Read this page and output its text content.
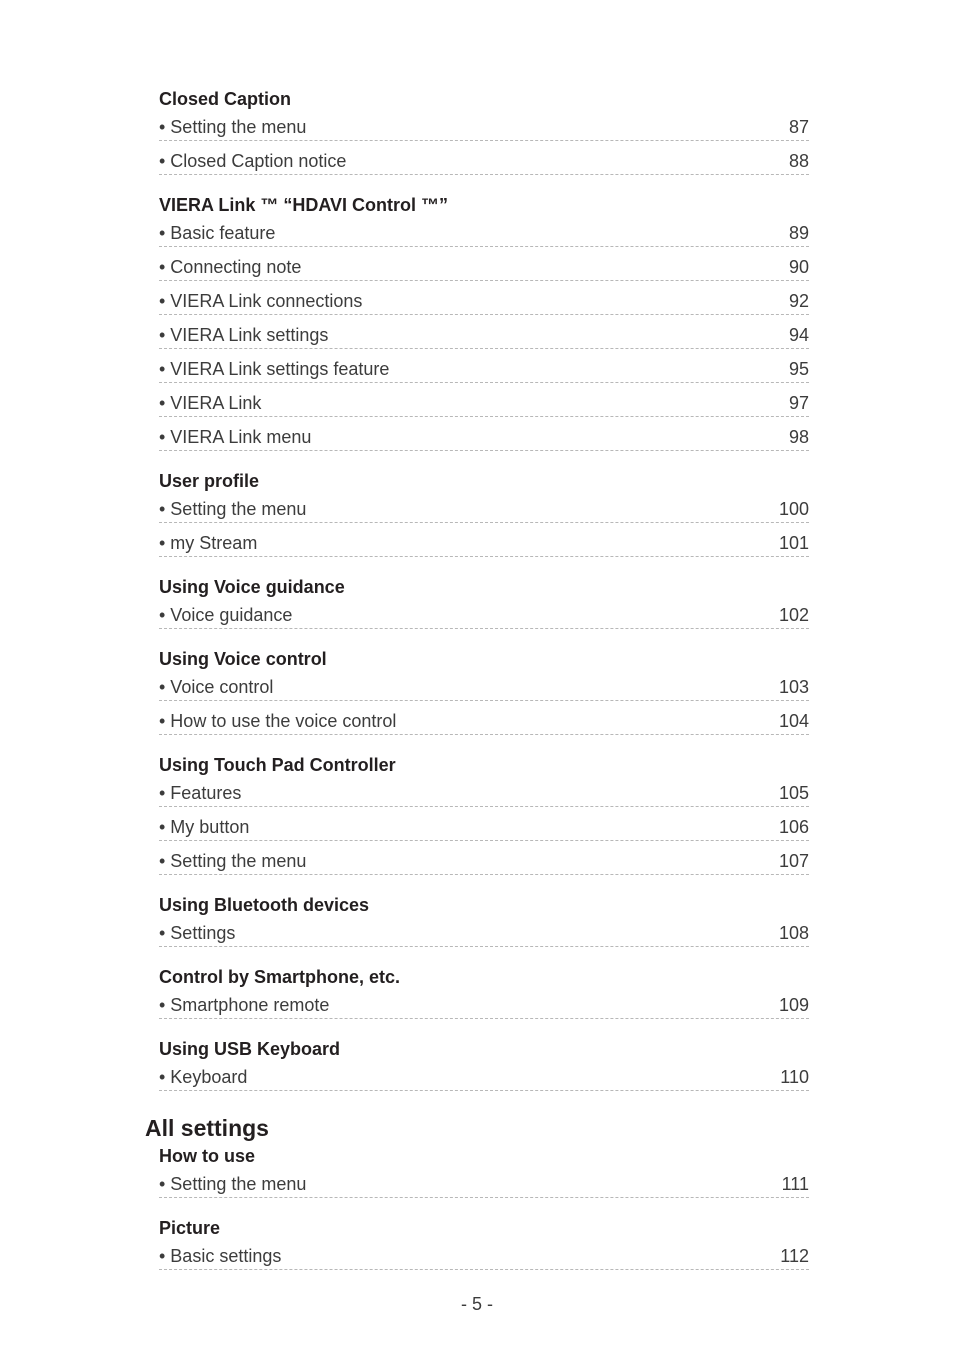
Closed Caption
• Setting the menu	87
• Closed Caption notice	88
VIERA Link ™ “HDAVI Control ™”
• Basic feature	89
• Connecting note	90
• VIERA Link connections	92
• VIERA Link settings	94
• VIERA Link settings feature	95
• VIERA Link	97
• VIERA Link menu	98
User profile
• Setting the menu	100
• my Stream	101
Using Voice guidance
• Voice guidance	102
Using Voice control
• Voice control	103
• How to use the voice control	104
Using Touch Pad Controller
• Features	105
• My button	106
• Setting the menu	107
Using Bluetooth devices
• Settings	108
Control by Smartphone, etc.
• Smartphone remote	109
Using USB Keyboard
• Keyboard	110
All settings
How to use
• Setting the menu	111
Picture
• Basic settings	112
- 5 -
